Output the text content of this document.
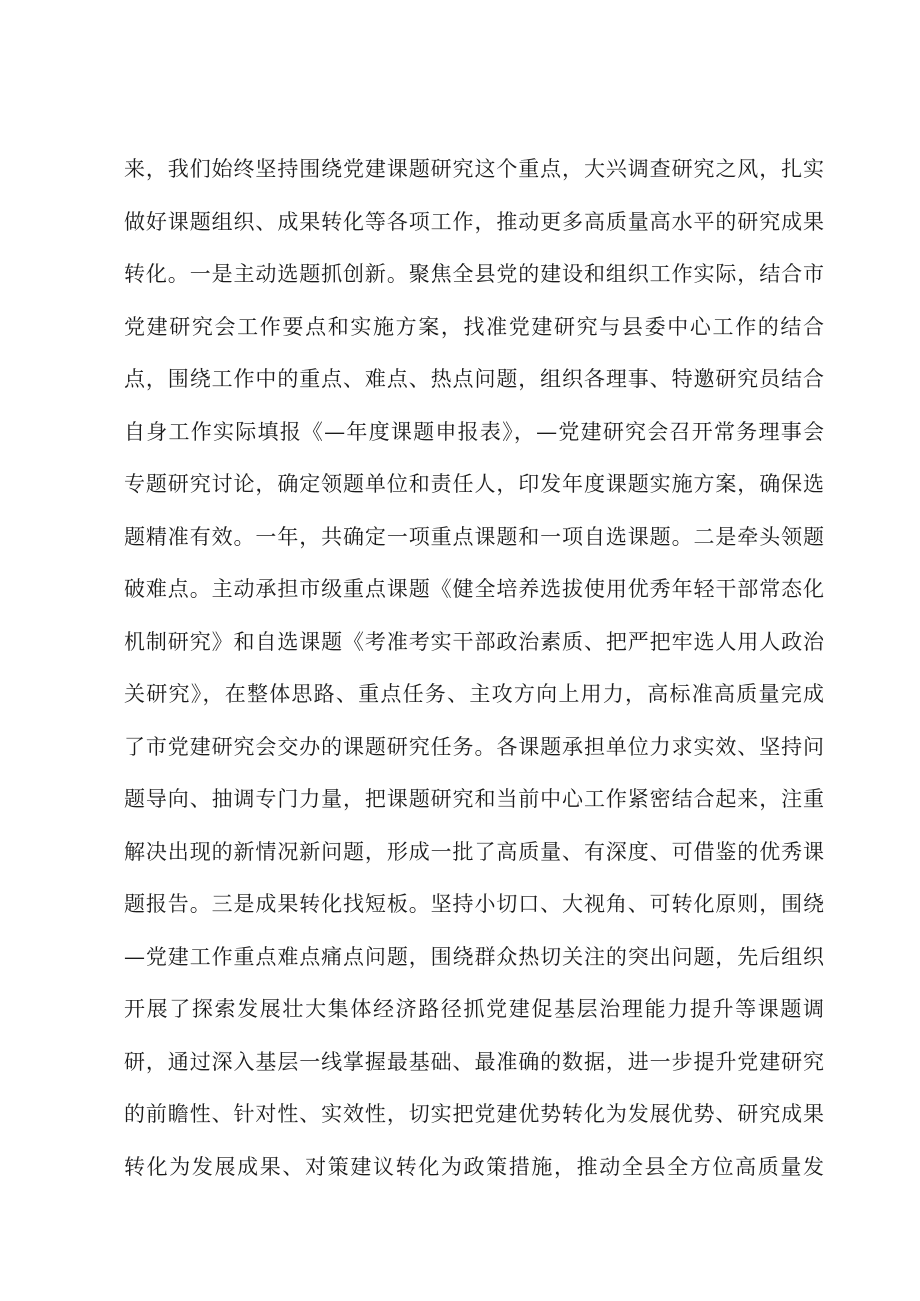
来，我们始终坚持围绕党建课题研究这个重点，大兴调查研究之风，扎实
做好课题组织、成果转化等各项工作，推动更多高质量高水平的研究成果
转化。一是主动选题抓创新。聚焦全县党的建设和组织工作实际，结合市
党建研究会工作要点和实施方案，找准党建研究与县委中心工作的结合
点，围绕工作中的重点、难点、热点问题，组织各理事、特邀研究员结合
自身工作实际填报《—年度课题申报表》，—党建研究会召开常务理事会
专题研究讨论，确定领题单位和责任人，印发年度课题实施方案，确保选
题精准有效。一年，共确定一项重点课题和一项自选课题。二是牵头领题
破难点。主动承担市级重点课题《健全培养选拔使用优秀年轻干部常态化
机制研究》和自选课题《考准考实干部政治素质、把严把牢选人用人政治
关研究》，在整体思路、重点任务、主攻方向上用力，高标准高质量完成
了市党建研究会交办的课题研究任务。各课题承担单位力求实效、坚持问
题导向、抽调专门力量，把课题研究和当前中心工作紧密结合起来，注重
解决出现的新情况新问题，形成一批了高质量、有深度、可借鉴的优秀课
题报告。三是成果转化找短板。坚持小切口、大视角、可转化原则，围绕
—党建工作重点难点痛点问题，围绕群众热切关注的突出问题，先后组织
开展了探索发展壮大集体经济路径抓党建促基层治理能力提升等课题调
研，通过深入基层一线掌握最基础、最准确的数据，进一步提升党建研究
的前瞻性、针对性、实效性，切实把党建优势转化为发展优势、研究成果
转化为发展成果、对策建议转化为政策措施，推动全县全方位高质量发
